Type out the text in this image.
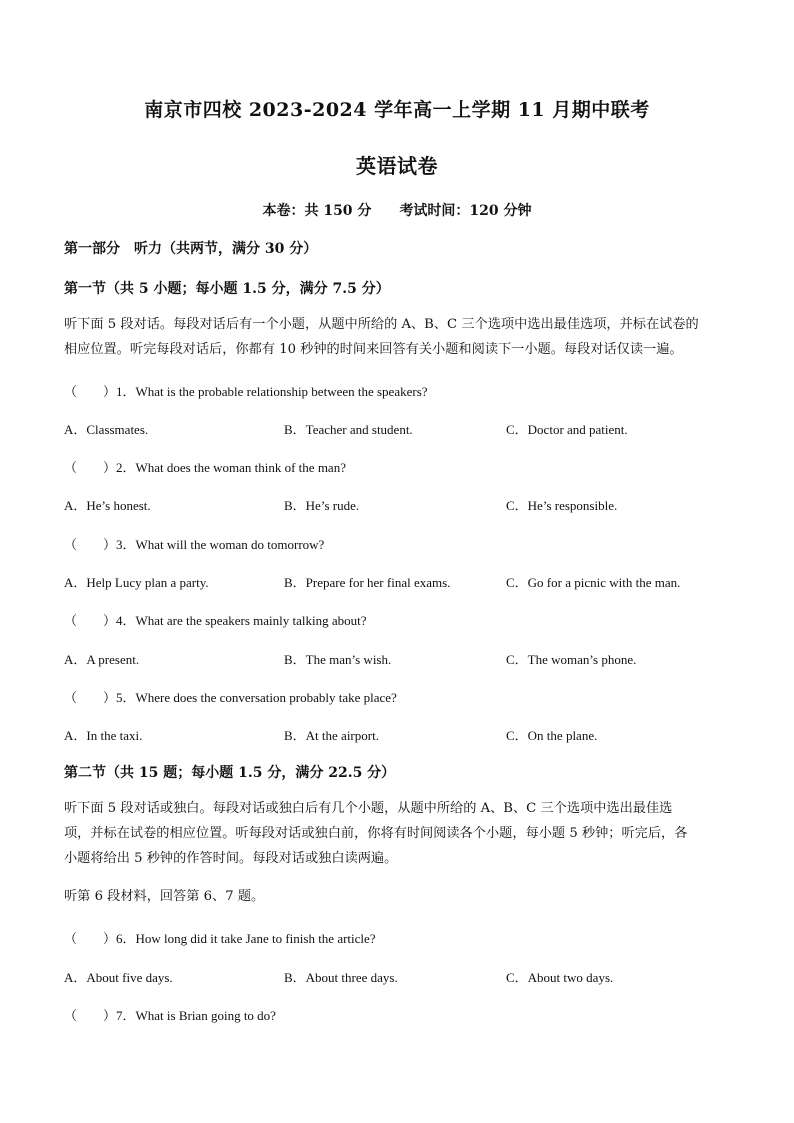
南京市四校 2023-2024 学年高一上学期 11 月期中联考
英语试卷
本卷：共 150 分 考试时间：120 分钟
第一部分　听力（共两节，满分 30 分）
第一节（共 5 小题；每小题 1.5 分，满分 7.5 分）
听下面 5 段对话。每段对话后有一个小题，从题中所给的 A、B、C 三个选项中选出最佳选项，并标在试卷的
相应位置。听完每段对话后，你都有 10 秒钟的时间来回答有关小题和阅读下一小题。每段对话仅读一遍。
（　　）1．What is the probable relationship between the speakers?
A．Classmates.	B．Teacher and student.	C．Doctor and patient.
（　　）2．What does the woman think of the man?
A．He’s honest.	B．He’s rude.	C．He’s responsible.
（　　）3．What will the woman do tomorrow?
A．Help Lucy plan a party.	B．Prepare for her final exams.	C．Go for a picnic with the man.
（　　）4．What are the speakers mainly talking about?
A．A present.	B．The man’s wish.	C．The woman’s phone.
（　　）5．Where does the conversation probably take place?
A．In the taxi.	B．At the airport.	C．On the plane.
第二节（共 15 题；每小题 1.5 分，满分 22.5 分）
听下面 5 段对话或独白。每段对话或独白后有几个小题，从题中所给的 A、B、C 三个选项中选出最佳选
项，并标在试卷的相应位置。听每段对话或独白前，你将有时间阅读各个小题，每小题 5 秒钟；听完后，各
小题将给出 5 秒钟的作答时间。每段对话或独白读两遍。
听第 6 段材料，回答第 6、7 题。
（　　）6．How long did it take Jane to finish the article?
A．About five days.	B．About three days.	C．About two days.
（　　）7．What is Brian going to do?
